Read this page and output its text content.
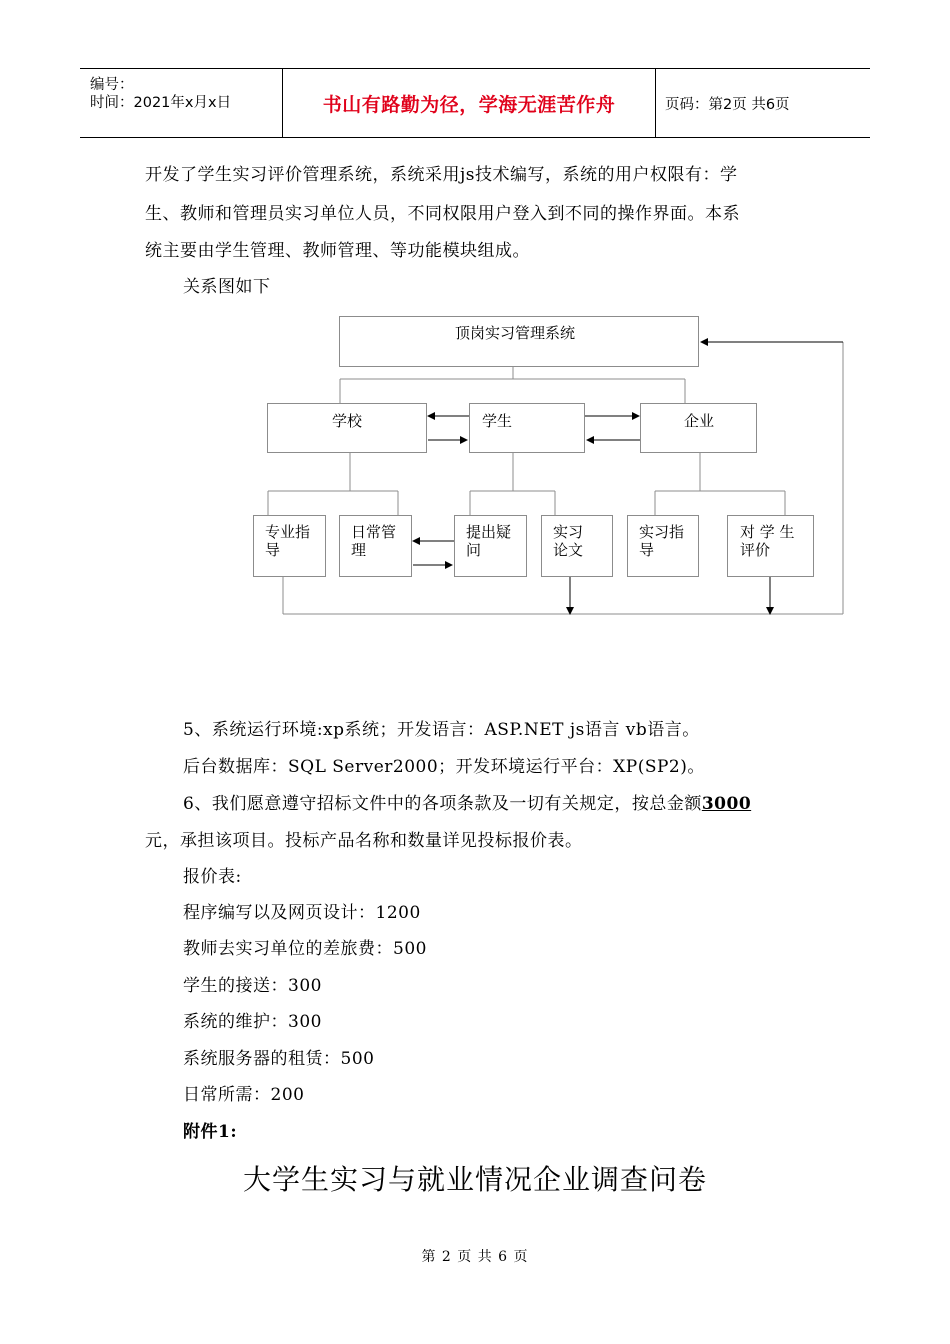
编号：
时间：2021年x月x日	书山有路勤为径，学海无涯苦作舟	页码：第2页 共6页
开发了学生实习评价管理系统，系统采用js技术编写，系统的用户权限有：学
生、教师和管理员实习单位人员，不同权限用户登入到不同的操作界面。本系
统主要由学生管理、教师管理、等功能模块组成。
关系图如下
顶岗实习管理系统
学校	学生	企业
专业指导
日常管理
提出疑问
实习论文
实习指导
对 学 生 评价
5、系统运行环境:xp系统；开发语言：ASP.NET js语言 vb语言。
后台数据库：SQL Server2000；开发环境运行平台：XP(SP2)。
6、我们愿意遵守招标文件中的各项条款及一切有关规定，按总金额3000
元，承担该项目。投标产品名称和数量详见投标报价表。
报价表:
程序编写以及网页设计：1200
教师去实习单位的差旅费：500
学生的接送：300
系统的维护：300
系统服务器的租赁：500
日常所需：200
附件1:
大学生实习与就业情况企业调查问卷
第 2 页 共 6 页
